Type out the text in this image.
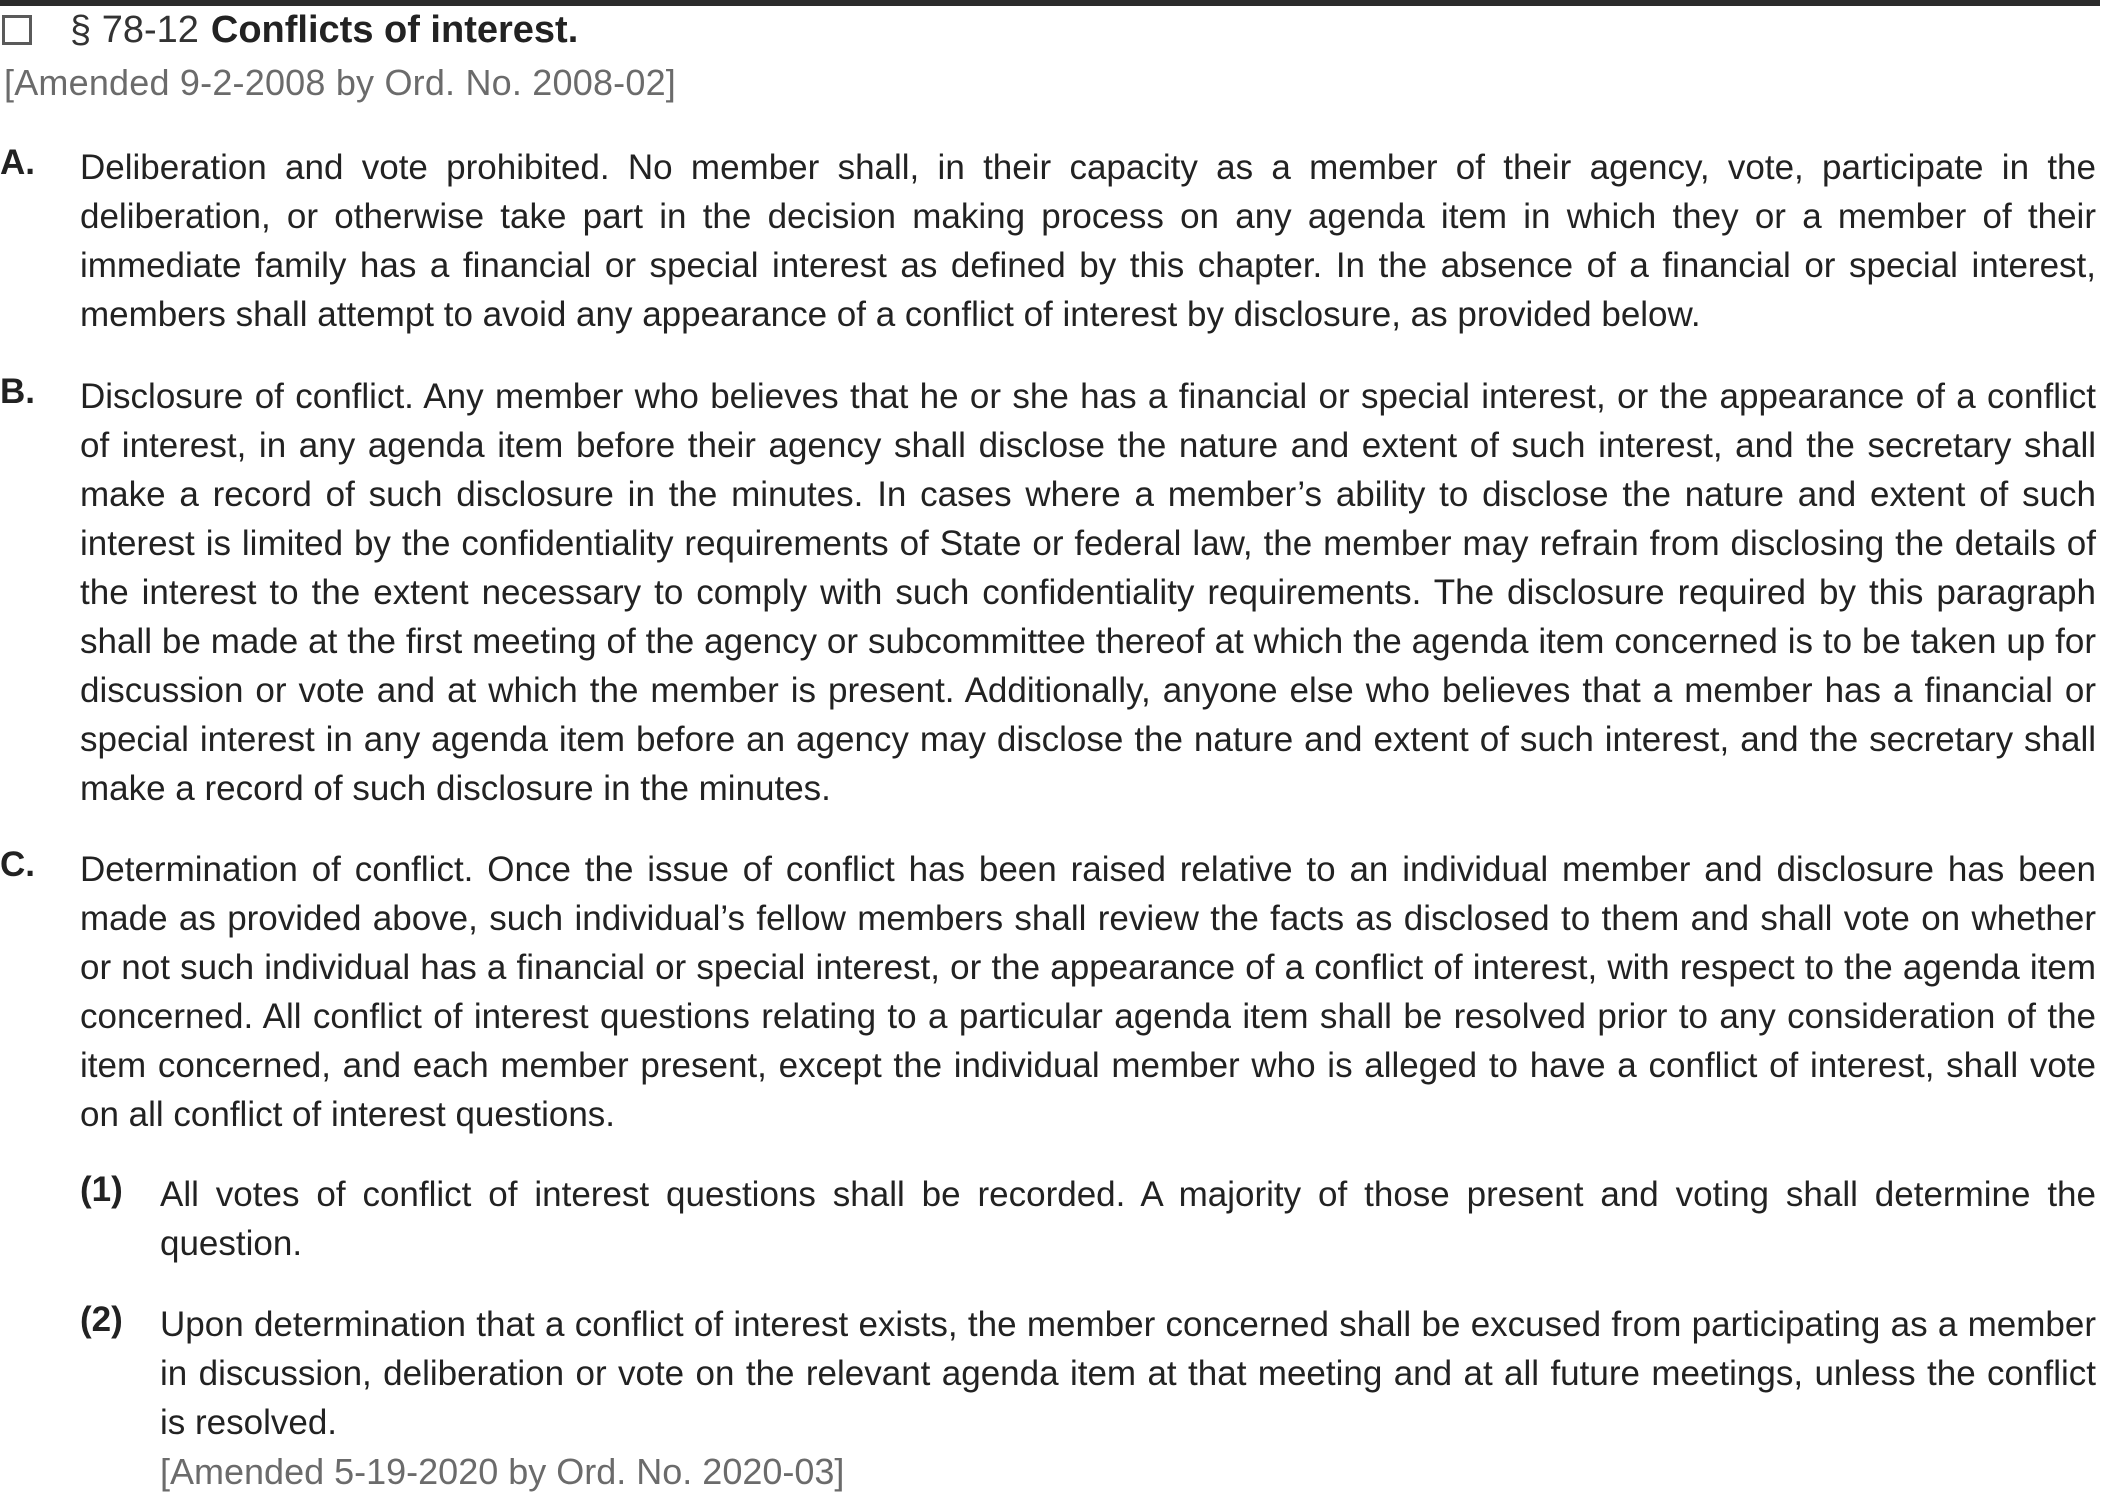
§ 78-12 Conflicts of interest.
[Amended 9-2-2008 by Ord. No. 2008-02]
A. Deliberation and vote prohibited. No member shall, in their capacity as a member of their agency, vote, participate in the deliberation, or otherwise take part in the decision making process on any agenda item in which they or a member of their immediate family has a financial or special interest as defined by this chapter. In the absence of a financial or special interest, members shall attempt to avoid any appearance of a conflict of interest by disclosure, as provided below.
B. Disclosure of conflict. Any member who believes that he or she has a financial or special interest, or the appearance of a conflict of interest, in any agenda item before their agency shall disclose the nature and extent of such interest, and the secretary shall make a record of such disclosure in the minutes. In cases where a member’s ability to disclose the nature and extent of such interest is limited by the confidentiality requirements of State or federal law, the member may refrain from disclosing the details of the interest to the extent necessary to comply with such confidentiality requirements. The disclosure required by this paragraph shall be made at the first meeting of the agency or subcommittee thereof at which the agenda item concerned is to be taken up for discussion or vote and at which the member is present. Additionally, anyone else who believes that a member has a financial or special interest in any agenda item before an agency may disclose the nature and extent of such interest, and the secretary shall make a record of such disclosure in the minutes.
C. Determination of conflict. Once the issue of conflict has been raised relative to an individual member and disclosure has been made as provided above, such individual’s fellow members shall review the facts as disclosed to them and shall vote on whether or not such individual has a financial or special interest, or the appearance of a conflict of interest, with respect to the agenda item concerned. All conflict of interest questions relating to a particular agenda item shall be resolved prior to any consideration of the item concerned, and each member present, except the individual member who is alleged to have a conflict of interest, shall vote on all conflict of interest questions.
(1) All votes of conflict of interest questions shall be recorded. A majority of those present and voting shall determine the question.
(2) Upon determination that a conflict of interest exists, the member concerned shall be excused from participating as a member in discussion, deliberation or vote on the relevant agenda item at that meeting and at all future meetings, unless the conflict is resolved.
[Amended 5-19-2020 by Ord. No. 2020-03]
